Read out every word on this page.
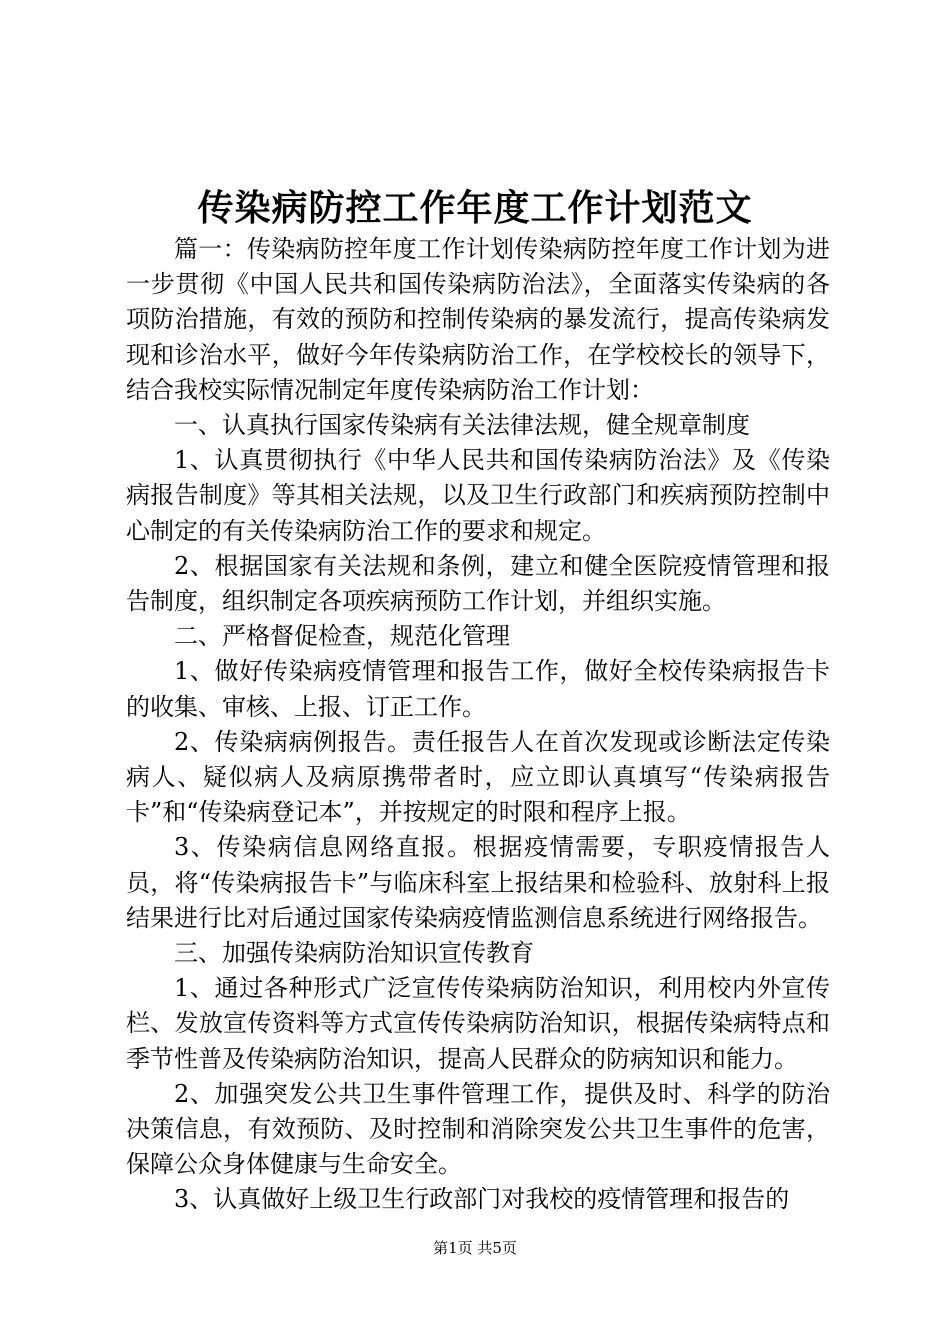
传染病防控工作年度工作计划范文

篇一：传染病防控年度工作计划传染病防控年度工作计划为进一步贯彻《中国人民共和国传染病防治法》，全面落实传染病的各项防治措施，有效的预防和控制传染病的暴发流行，提高传染病发现和诊治水平，做好今年传染病防治工作，在学校校长的领导下，结合我校实际情况制定年度传染病防治工作计划：

一、认真执行国家传染病有关法律法规，健全规章制度

1、认真贯彻执行《中华人民共和国传染病防治法》及《传染病报告制度》等其相关法规，以及卫生行政部门和疾病预防控制中心制定的有关传染病防治工作的要求和规定。

2、根据国家有关法规和条例，建立和健全医院疫情管理和报告制度，组织制定各项疾病预防工作计划，并组织实施。

二、严格督促检查，规范化管理

1、做好传染病疫情管理和报告工作，做好全校传染病报告卡的收集、审核、上报、订正工作。

2、传染病病例报告。责任报告人在首次发现或诊断法定传染病人、疑似病人及病原携带者时，应立即认真填写“传染病报告卡”和“传染病登记本”，并按规定的时限和程序上报。

3、传染病信息网络直报。根据疫情需要，专职疫情报告人员，将“传染病报告卡”与临床科室上报结果和检验科、放射科上报结果进行比对后通过国家传染病疫情监测信息系统进行网络报告。

三、加强传染病防治知识宣传教育

1、通过各种形式广泛宣传传染病防治知识，利用校内外宣传栏、发放宣传资料等方式宣传传染病防治知识，根据传染病特点和季节性普及传染病防治知识，提高人民群众的防病知识和能力。

2、加强突发公共卫生事件管理工作，提供及时、科学的防治决策信息，有效预防、及时控制和消除突发公共卫生事件的危害，保障公众身体健康与生命安全。

3、认真做好上级卫生行政部门对我校的疫情管理和报告的

第1页 共5页
